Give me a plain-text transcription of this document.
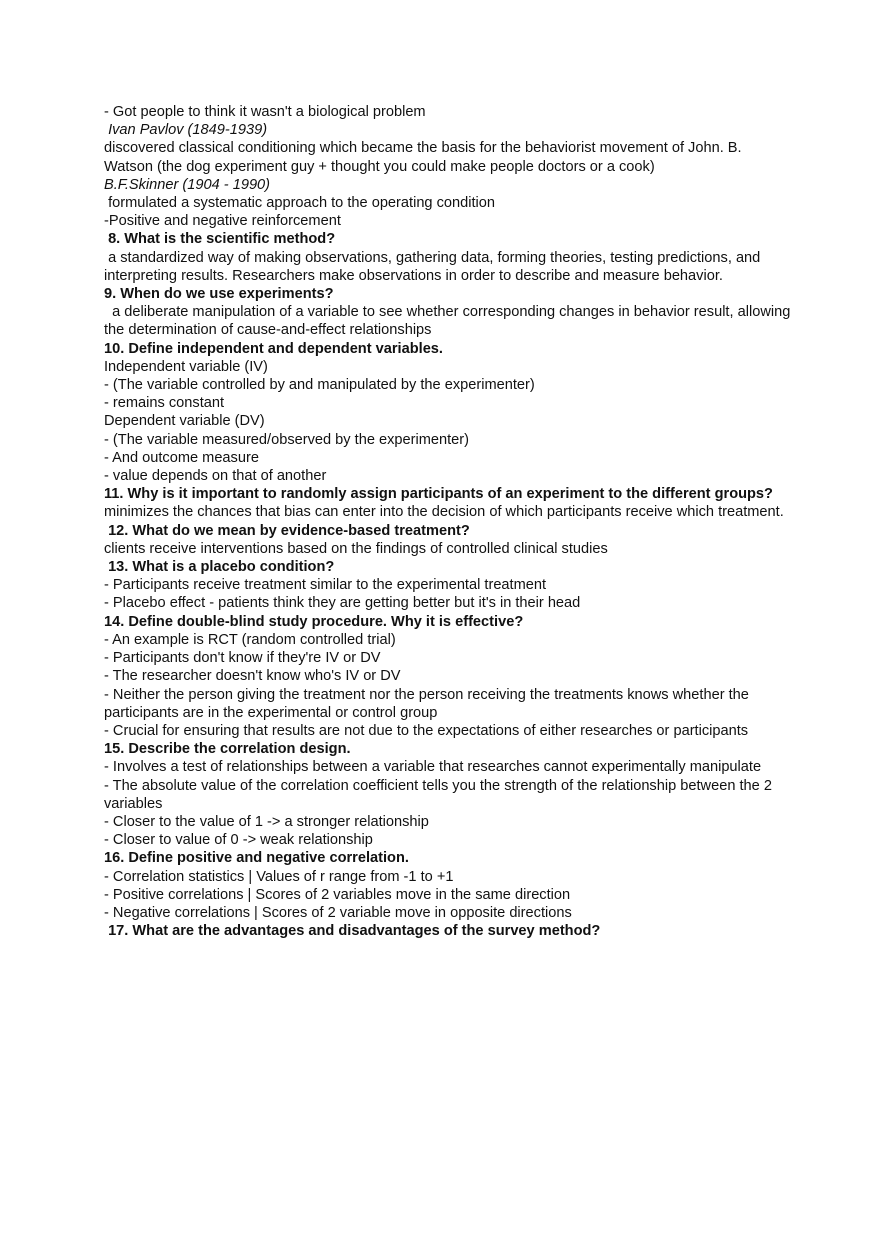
- Got people to think it wasn't a biological problem

Ivan Pavlov (1849-1939)

discovered classical conditioning which became the basis for the behaviorist movement of John. B. Watson (the dog experiment guy + thought you could make people doctors or a cook)

B.F.Skinner (1904 - 1990)

formulated a systematic approach to the operating condition

-Positive and negative reinforcement

8. What is the scientific method?

a standardized way of making observations, gathering data, forming theories, testing predictions, and interpreting results. Researchers make observations in order to describe and measure behavior.

9. When do we use experiments?

a deliberate manipulation of a variable to see whether corresponding changes in behavior result, allowing the determination of cause-and-effect relationships

10. Define independent and dependent variables.

Independent variable (IV)

- (The variable controlled by and manipulated by the experimenter)

- remains constant

Dependent variable (DV)

- (The variable measured/observed by the experimenter)

- And outcome measure

- value depends on that of another

11. Why is it important to randomly assign participants of an experiment to the different groups?

minimizes the chances that bias can enter into the decision of which participants receive which treatment.

12. What do we mean by evidence-based treatment?

clients receive interventions based on the findings of controlled clinical studies

13. What is a placebo condition?

- Participants receive treatment similar to the experimental treatment

- Placebo effect - patients think they are getting better but it's in their head

14. Define double-blind study procedure. Why it is effective?

- An example is RCT (random controlled trial)

- Participants don't know if they're IV or DV

- The researcher doesn't know who's IV or DV

- Neither the person giving the treatment nor the person receiving the treatments knows whether the participants are in the experimental or control group

- Crucial for ensuring that results are not due to the expectations of either researches or participants

15. Describe the correlation design.

- Involves a test of relationships between a variable that researches cannot experimentally manipulate

- The absolute value of the correlation coefficient tells you the strength of the relationship between the 2 variables

- Closer to the value of 1 -> a stronger relationship

- Closer to value of 0 -> weak relationship

16. Define positive and negative correlation.

- Correlation statistics | Values of r range from -1 to +1

- Positive correlations | Scores of 2 variables move in the same direction

- Negative correlations | Scores of 2 variable move in opposite directions

17. What are the advantages and disadvantages of the survey method?
